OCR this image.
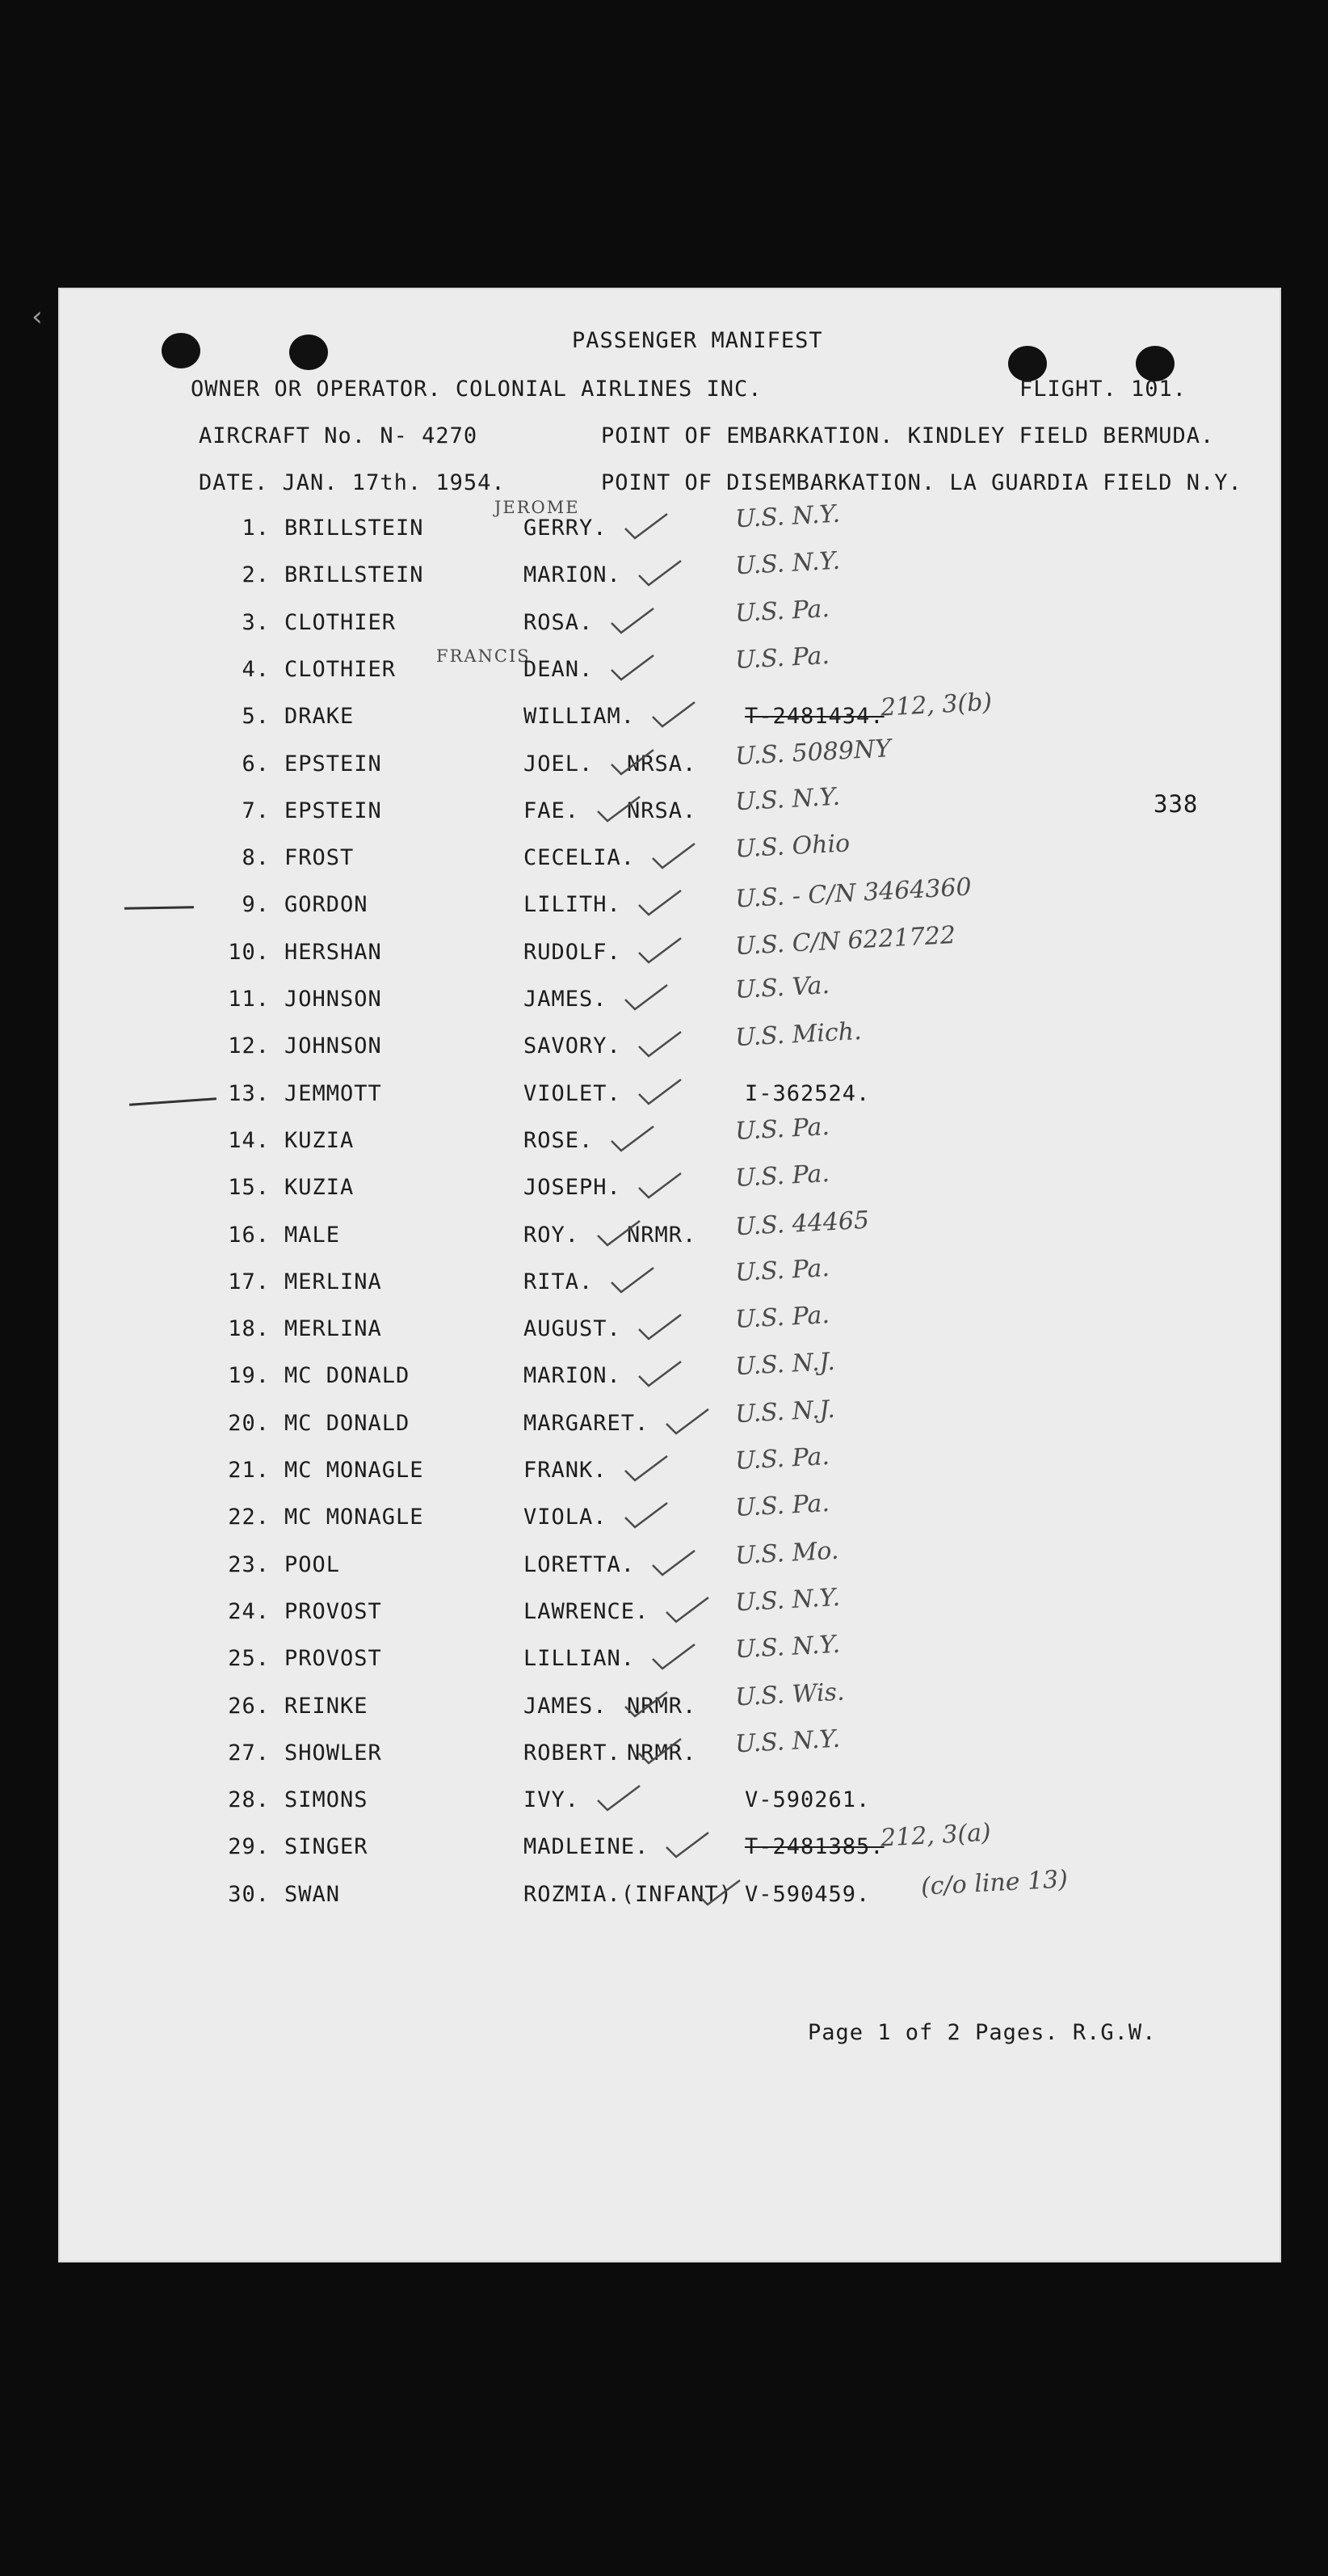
‹
PASSENGER MANIFEST
OWNER OR OPERATOR. COLONIAL AIRLINES INC.	FLIGHT. 101.
AIRCRAFT No. N- 4270	POINT OF EMBARKATION. KINDLEY FIELD BERMUDA.
DATE. JAN. 17th. 1954.	POINT OF DISEMBARKATION. LA GUARDIA FIELD N.Y.
338
JEROME
FRANCIS
1. BRILLSTEIN	GERRY.	U.S. N.Y.
2. BRILLSTEIN	MARION.	U.S. N.Y.
3. CLOTHIER	ROSA.	U.S. Pa.
4. CLOTHIER	DEAN.	U.S. Pa.
5. DRAKE	WILLIAM.	T-2481434.
212, 3(b)
6. EPSTEIN	JOEL. NRSA. U.S. 5089NY
7. EPSTEIN	FAE. NRSA. U.S. N.Y.
8. FROST	CECELIA.	U.S. Ohio
9. GORDON	LILITH.	U.S. - C/N 3464360
10. HERSHAN	RUDOLF.	U.S. C/N 6221722
11. JOHNSON	JAMES.	U.S. Va.
12. JOHNSON	SAVORY.	U.S. Mich.
13. JEMMOTT	VIOLET.	I-362524.
14. KUZIA	ROSE.	U.S. Pa.
15. KUZIA	JOSEPH.	U.S. Pa.
16. MALE	ROY. NRMR. U.S. 44465
17. MERLINA	RITA.	U.S. Pa.
18. MERLINA	AUGUST.	U.S. Pa.
19. MC DONALD	MARION.	U.S. N.J.
20. MC DONALD	MARGARET.	U.S. N.J.
21. MC MONAGLE	FRANK.	U.S. Pa.
22. MC MONAGLE	VIOLA.	U.S. Pa.
23. POOL	LORETTA.	U.S. Mo.
24. PROVOST	LAWRENCE.	U.S. N.Y.
25. PROVOST	LILLIAN.	U.S. N.Y.
26. REINKE	JAMES. NRMR. U.S. Wis.
27. SHOWLER	ROBERT. NRMR. U.S. N.Y.
28. SIMONS	IVY.	V-590261.
29. SINGER	MADLEINE.	T-2481385.
212, 3(a)
30. SWAN	ROZMIA.(INFANT) V-590459. (c/o line 13)
Page 1 of 2 Pages. R.G.W.
